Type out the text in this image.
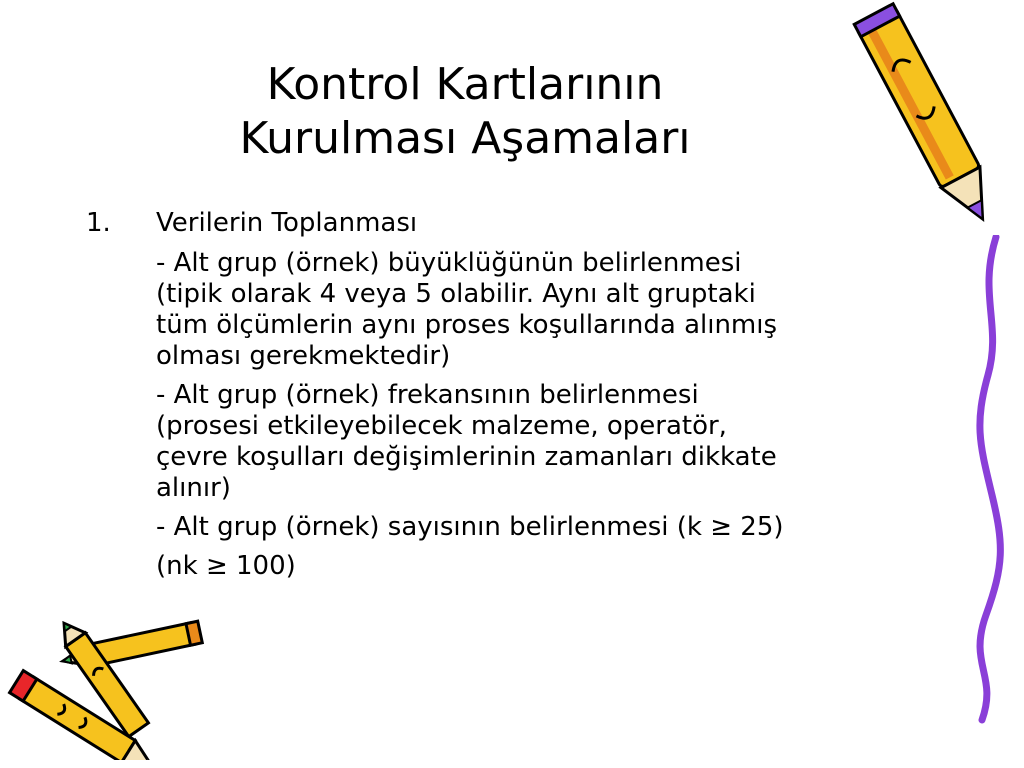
Kontrol Kartlarının
Kurulması Aşamaları
1.	Verilerin Toplanması
- Alt grup (örnek) büyüklüğünün belirlenmesi
(tipik olarak 4 veya 5 olabilir. Aynı alt gruptaki
tüm ölçümlerin aynı proses koşullarında alınmış
olması gerekmektedir)
- Alt grup (örnek) frekansının belirlenmesi
(prosesi etkileyebilecek malzeme, operatör,
çevre koşulları değişimlerinin zamanları dikkate
alınır)
- Alt grup (örnek) sayısının belirlenmesi (k ≥ 25)
(nk ≥ 100)
